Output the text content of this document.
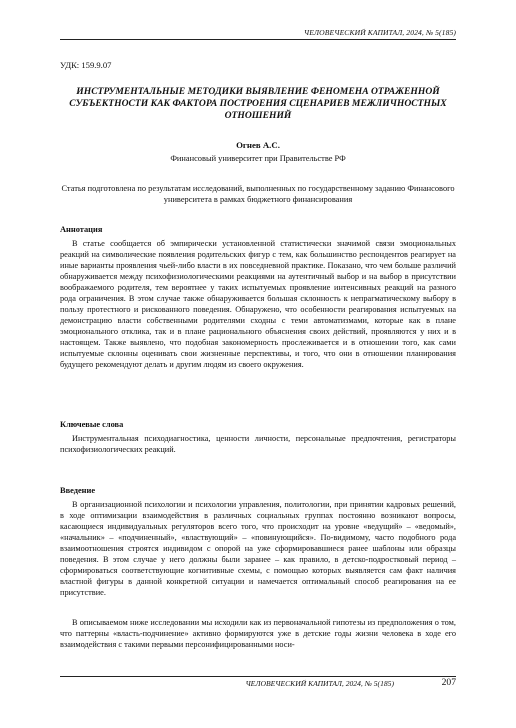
ЧЕЛОВЕЧЕСКИЙ КАПИТАЛ, 2024, № 5(185)
УДК: 159.9.07
ИНСТРУМЕНТАЛЬНЫЕ МЕТОДИКИ ВЫЯВЛЕНИЕ ФЕНОМЕНА ОТРАЖЕННОЙ СУБЪЕКТНОСТИ КАК ФАКТОРА ПОСТРОЕНИЯ СЦЕНАРИЕВ МЕЖЛИЧНОСТНЫХ ОТНОШЕНИЙ
Огнев А.С.
Финансовый университет при Правительстве РФ
Статья подготовлена по результатам исследований, выполненных по государственному заданию Финансового университета в рамках бюджетного финансирования
Аннотация

В статье сообщается об эмпирически установленной статистически значимой связи эмоциональных реакций на символические появления родительских фигур с тем, как большинство респондентов реагирует на иные варианты проявления чьей-либо власти в их повседневной практике. Показано, что чем больше различий обнаруживается между психофизиологическими реакциями на аутентичный выбор и на выбор в присутствии воображаемого родителя, тем вероятнее у таких испытуемых проявление интенсивных реакций на разного рода ограничения. В этом случае также обнаруживается большая склонность к непрагматическому выбору в пользу протестного и рискованного поведения. Обнаружено, что особенности реагирования испытуемых на демонстрацию власти собственными родителями сходны с теми автоматизмами, которые как в плане эмоционального отклика, так и в плане рационального объяснения своих действий, проявляются у них и в настоящем. Также выявлено, что подобная закономерность прослеживается и в отношении того, как сами испытуемые склонны оценивать свои жизненные перспективы, и того, что они в отношении планирования будущего рекомендуют делать и другим людям из своего окружения.

Ключевые слова

Инструментальная психодиагностика, ценности личности, персональные предпочтения, регистраторы психофизиологических реакций.

Введение

В организационной психологии и психологии управления, политологии, при принятии кадровых решений, в ходе оптимизации взаимодействия в различных социальных группах постоянно возникают вопросы, касающиеся индивидуальных регуляторов всего того, что происходит на уровне «ведущий» – «ведомый», «начальник» – «подчиненный», «властвующий» – «повинующийся». По-видимому, часто подобного рода взаимоотношения строятся индивидом с опорой на уже сформировавшиеся ранее шаблоны или образцы поведения. В этом случае у него должны были заранее – как правило, в детско-подростковый период – сформироваться соответствующие когнитивные схемы, с помощью которых выявляется сам факт наличия властной фигуры в данной конкретной ситуации и намечается оптимальный способ реагирования на ее присутствие.

В описываемом ниже исследовании мы исходили как из первоначальной гипотезы из предположения о том, что паттерны «власть-подчинение» активно формируются уже в детские годы жизни человека в ходе его взаимодействия с такими первыми персонифицированными носи-

ЧЕЛОВЕЧЕСКИЙ КАПИТАЛ, 2024, № 5(185)	207
